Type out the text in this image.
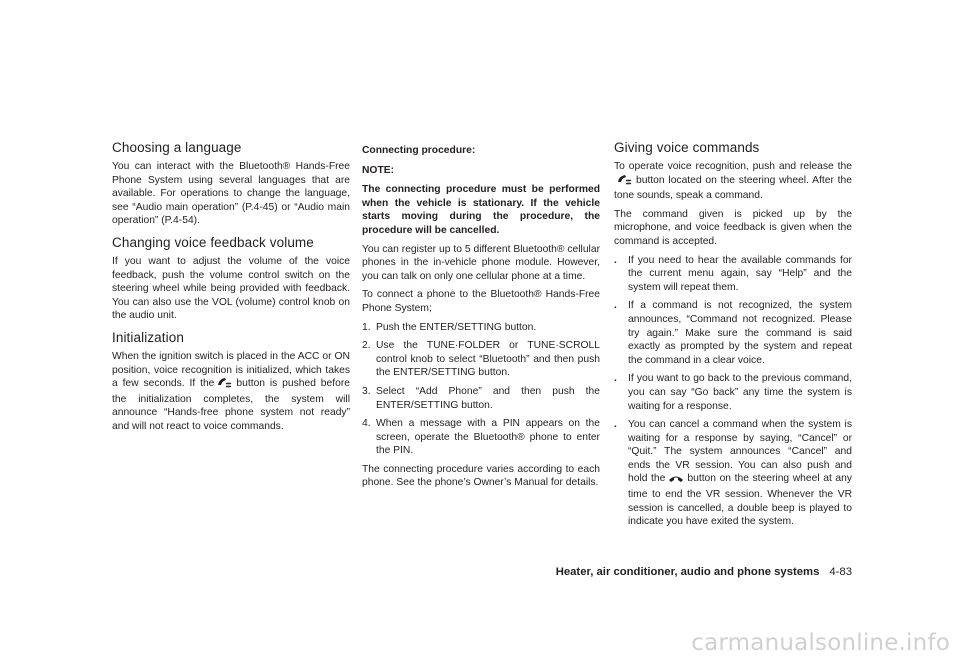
Choosing a language

You can interact with the Bluetooth® Hands-Free Phone System using several languages that are available. For operations to change the language, see “Audio main operation” (P.4-45) or “Audio main operation” (P.4-54).

Changing voice feedback volume

If you want to adjust the volume of the voice feedback, push the volume control switch on the steering wheel while being provided with feedback. You can also use the VOL (volume) control knob on the audio unit.

Initialization

When the ignition switch is placed in the ACC or ON position, voice recognition is initialized, which takes a few seconds. If the button is pushed before the initialization completes, the system will announce “Hands-free phone system not ready” and will not react to voice commands.

Connecting procedure:

NOTE:

The connecting procedure must be performed when the vehicle is stationary. If the vehicle starts moving during the procedure, the procedure will be cancelled.

You can register up to 5 different Bluetooth® cellular phones in the in-vehicle phone module. However, you can talk on only one cellular phone at a time.

To connect a phone to the Bluetooth® Hands-Free Phone System;

1. Push the ENTER/SETTING button.
2. Use the TUNE·FOLDER or TUNE·SCROLL control knob to select “Bluetooth” and then push the ENTER/SETTING button.
3. Select “Add Phone” and then push the ENTER/SETTING button.
4. When a message with a PIN appears on the screen, operate the Bluetooth® phone to enter the PIN.

The connecting procedure varies according to each phone. See the phone’s Owner’s Manual for details.

Giving voice commands

To operate voice recognition, push and release thebutton located on the steering wheel. After the tone sounds, speak a command.

The command given is picked up by the microphone, and voice feedback is given when the command is accepted.

. If you need to hear the available commands for the current menu again, say “Help” and the system will repeat them.
. If a command is not recognized, the system announces, “Command not recognized. Please try again.” Make sure the command is said exactly as prompted by the system and repeat the command in a clear voice.
. If you want to go back to the previous command, you can say “Go back” any time the system is waiting for a response.
. You can cancel a command when the system is waiting for a response by saying, “Cancel” or “Quit.” The system announces “Cancel” and ends the VR session. You can also push and hold the button on the steering wheel at any time to end the VR session. Whenever the VR session is cancelled, a double beep is played to indicate you have exited the system.
Heater, air conditioner, audio and phone systems 4-83
carmanualsonline.info
